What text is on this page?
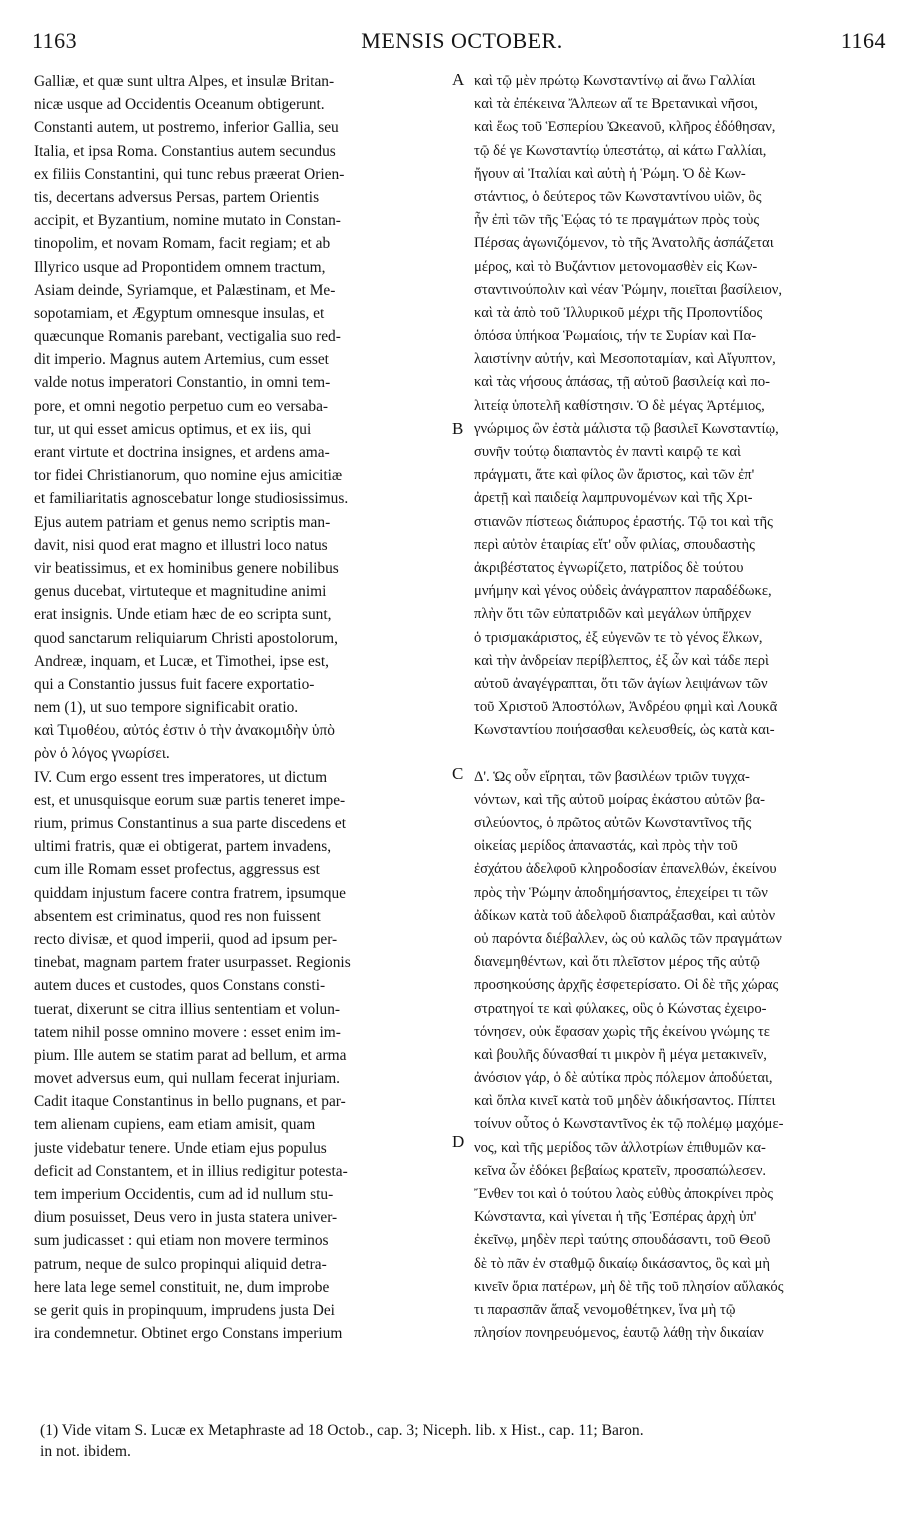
1163	MENSIS OCTOBER.	1164
Galliæ, et quæ sunt ultra Alpes, et insulæ Britan-
nicæ usque ad Occidentis Oceanum obtigerunt.
Constanti autem, ut postremo, inferior Gallia, seu
Italia, et ipsa Roma. Constantius autem secundus
ex filiis Constantini, qui tunc rebus præerat Orien-
tis, decertans adversus Persas, partem Orientis
accipit, et Byzantium, nomine mutato in Constan-
tinopolim, et novam Romam, facit regiam; et ab
Illyrico usque ad Propontidem omnem tractum,
Asiam deinde, Syriamque, et Palæstinam, et Me-
sopotamiam, et Ægyptum omnesque insulas, et
quæcunque Romanis parebant, vectigalia suo red-
dit imperio. Magnus autem Artemius, cum esset
valde notus imperatori Constantio, in omni tem-
pore, et omni negotio perpetuo cum eo versaba-
tur, ut qui esset amicus optimus, et ex iis, qui
erant virtute et doctrina insignes, et ardens ama-
tor fidei Christianorum, quo nomine ejus amicitiæ
et familiaritatis agnoscebatur longe studiosissimus.
Ejus autem patriam et genus nemo scriptis man-
davit, nisi quod erat magno et illustri loco natus
vir beatissimus, et ex hominibus genere nobilibus
genus ducebat, virtuteque et magnitudine animi
erat insignis. Unde etiam hæc de eo scripta sunt,
quod sanctarum reliquiarum Christi apostolorum,
Andreæ, inquam, et Lucæ, et Timothei, ipse est,
qui a Constantio jussus fuit facere exportatio-
nem (1), ut suo tempore significabit oratio.
καὶ Τιμοθέου, αὐτός ἐστιν ὁ τὴν ἀνακομιδὴν ὑπὸ
ρὸν ὁ λόγος γνωρίσει.
IV. Cum ergo essent tres imperatores, ut dictum
est, et unusquisque eorum suæ partis teneret impe-
rium, primus Constantinus a sua parte discedens et
ultimi fratris, quæ ei obtigerat, partem invadens,
cum ille Romam esset profectus, aggressus est
quiddam injustum facere contra fratrem, ipsumque
absentem est criminatus, quod res non fuissent
recto divisæ, et quod imperii, quod ad ipsum per-
tinebat, magnam partem frater usurpasset. Regionis
autem duces et custodes, quos Constans consti-
tuerat, dixerunt se citra illius sententiam et volun-
tatem nihil posse omnino movere : esset enim im-
pium. Ille autem se statim parat ad bellum, et arma
movet adversus eum, qui nullam fecerat injuriam.
Cadit itaque Constantinus in bello pugnans, et par-
tem alienam cupiens, eam etiam amisit, quam
juste videbatur tenere. Unde etiam ejus populus
deficit ad Constantem, et in illius redigitur potesta-
tem imperium Occidentis, cum ad id nullum stu-
dium posuisset, Deus vero in justa statera univer-
sum judicasset : qui etiam non movere terminos
patrum, neque de sulco propinqui aliquid detra-
here lata lege semel constituit, ne, dum improbe
se gerit quis in propinquum, imprudens justa Dei
ira condemnetur. Obtinet ergo Constans imperium
καὶ τῷ μὲν πρώτῳ Κωνσταντίνῳ αἱ ἄνω Γαλλίαι
καὶ τὰ ἐπέκεινα Ἄλπεων αἵ τε Βρετανικαὶ νῆσοι,
καὶ ἕως τοῦ Ἑσπερίου Ὠκεανοῦ, κλῆρος ἐδόθησαν,
τῷ δέ γε Κωνσταντίῳ ὑπεστάτῳ, αἱ κάτω Γαλλίαι,
ἤγουν αἱ Ἰταλίαι καὶ αὐτὴ ἡ Ῥώμη. Ὁ δὲ Κων-
στάντιος, ὁ δεύτερος τῶν Κωνσταντίνου υἱῶν, ὃς
ἦν ἐπὶ τῶν τῆς Ἑῴας τό τε πραγμάτων πρὸς τοὺς
Πέρσας ἀγωνιζόμενον, τὸ τῆς Ἀνατολῆς ἀσπάζεται
μέρος, καὶ τὸ Βυζάντιον μετονομασθὲν εἰς Κων-
σταντινούπολιν καὶ νέαν Ῥώμην, ποιεῖται βασίλειον,
καὶ τὰ ἀπὸ τοῦ Ἰλλυρικοῦ μέχρι τῆς Προποντίδος
ὁπόσα ὑπήκοα Ῥωμαίοις, τήν τε Συρίαν καὶ Πα-
λαιστίνην αὐτήν, καὶ Μεσοποταμίαν, καὶ Αἴγυπτον,
καὶ τὰς νήσους ἁπάσας, τῇ αὐτοῦ βασιλείᾳ καὶ πο-
λιτείᾳ ὑποτελῆ καθίστησιν. Ὁ δὲ μέγας Ἀρτέμιος,
γνώριμος ὢν ἐστὰ μάλιστα τῷ βασιλεῖ Κωνσταντίῳ,
συνῆν τούτῳ διαπαντὸς ἐν παντὶ καιρῷ τε καὶ
πράγματι, ἅτε καὶ φίλος ὢν ἄριστος, καὶ τῶν ἐπ'
ἀρετῇ καὶ παιδείᾳ λαμπρυνομένων καὶ τῆς Χρι-
στιανῶν πίστεως διάπυρος ἐραστής. Τῷ τοι καὶ τῆς
περὶ αὐτὸν ἑταιρίας εἴτ' οὖν φιλίας, σπουδαστὴς
ἀκριβέστατος ἐγνωρίζετο, πατρίδος δὲ τούτου
μνήμην καὶ γένος οὐδεὶς ἀνάγραπτον παραδέδωκε,
πλὴν ὅτι τῶν εὐπατριδῶν καὶ μεγάλων ὑπῆρχεν
ὁ τρισμακάριστος, ἐξ εὐγενῶν τε τὸ γένος ἕλκων,
καὶ τὴν ἀνδρείαν περίβλεπτος, ἐξ ὧν καὶ τάδε περὶ
αὐτοῦ ἀναγέγραπται, ὅτι τῶν ἁγίων λειψάνων τῶν
τοῦ Χριστοῦ Ἀποστόλων, Ἀνδρέου φημὶ καὶ Λουκᾶ
Κωνσταντίου ποιήσασθαι κελευσθείς, ὡς κατὰ και-
Δ'. Ὡς οὖν εἴρηται, τῶν βασιλέων τριῶν τυγχα-
νόντων, καὶ τῆς αὐτοῦ μοίρας ἑκάστου αὐτῶν βα-
σιλεύοντος, ὁ πρῶτος αὐτῶν Κωνσταντῖνος τῆς
οἰκείας μερίδος ἀπαναστάς, καὶ πρὸς τὴν τοῦ
ἐσχάτου ἀδελφοῦ κληροδοσίαν ἐπανελθών, ἐκείνου
πρὸς τὴν Ῥώμην ἀποδημήσαντος, ἐπεχείρει τι τῶν
ἀδίκων κατὰ τοῦ ἀδελφοῦ διαπράξασθαι, καὶ αὐτὸν
οὐ παρόντα διέβαλλεν, ὡς οὐ καλῶς τῶν πραγμάτων
διανεμηθέντων, καὶ ὅτι πλεῖστον μέρος τῆς αὐτῷ
προσηκούσης ἀρχῆς ἐσφετερίσατο. Οἱ δὲ τῆς χώρας
στρατηγοί τε καὶ φύλακες, οὓς ὁ Κώνστας ἐχειρο-
τόνησεν, οὐκ ἔφασαν χωρὶς τῆς ἐκείνου γνώμης τε
καὶ βουλῆς δύνασθαί τι μικρὸν ἢ μέγα μετακινεῖν,
ἀνόσιον γάρ, ὁ δὲ αὐτίκα πρὸς πόλεμον ἀποδύεται,
καὶ ὅπλα κινεῖ κατὰ τοῦ μηδὲν ἀδικήσαντος. Πίπτει
τοίνυν οὗτος ὁ Κωνσταντῖνος ἐκ τῷ πολέμῳ μαχόμε-
νος, καὶ τῆς μερίδος τῶν ἀλλοτρίων ἐπιθυμῶν κα-
κεῖνα ὧν ἐδόκει βεβαίως κρατεῖν, προσαπώλεσεν.
Ἔνθεν τοι καὶ ὁ τούτου λαὸς εὐθὺς ἀποκρίνει πρὸς
Κώνσταντα, καὶ γίνεται ἡ τῆς Ἑσπέρας ἀρχὴ ὑπ'
ἐκεῖνῳ, μηδὲν περὶ ταύτης σπουδάσαντι, τοῦ Θεοῦ
δὲ τὸ πᾶν ἐν σταθμῷ δικαίῳ δικάσαντος, ὃς καὶ μὴ
κινεῖν ὅρια πατέρων, μὴ δὲ τῆς τοῦ πλησίον αὔλακός
τι παρασπᾶν ἅπαξ νενομοθέτηκεν, ἵνα μὴ τῷ
πλησίον πονηρευόμενος, ἑαυτῷ λάθῃ τὴν δικαίαν
A
B
C
D
(1) Vide vitam S. Lucæ ex Metaphraste ad 18 Octob., cap. 3; Niceph. lib. x Hist., cap. 11; Baron.
in not. ibidem.
